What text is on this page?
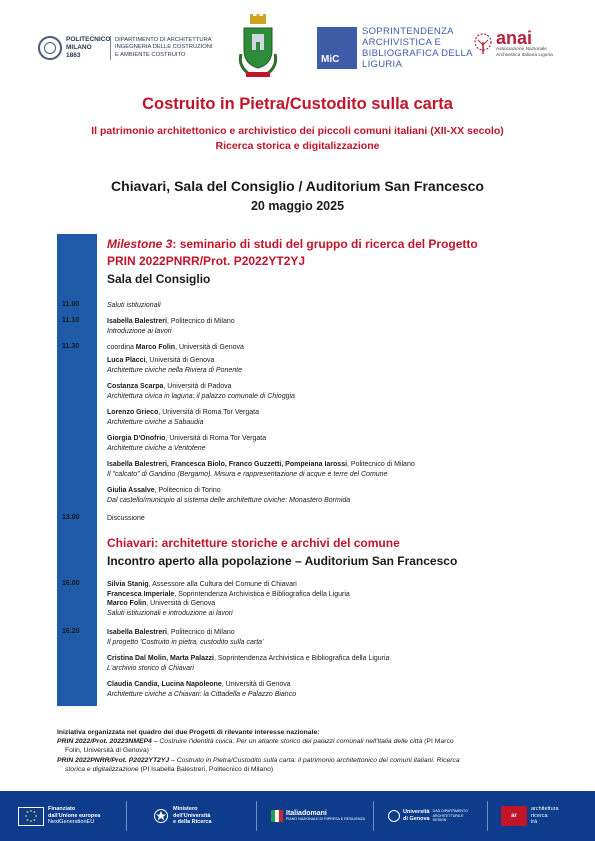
POLITECNICO
MILANO 1863
DIPARTIMENTO DI ARCHITETTURA INGEGNERIA DELLE COSTRUZIONI E AMBIENTE COSTRUITO	MiC
SOPRINTENDENZA ARCHIVISTICA E BIBLIOGRAFICA DELLA LIGURIA
anai
Associazione Nazionale Archivistica Italiana Liguria
Costruito in Pietra/Custodito sulla carta
Il patrimonio architettonico e archivistico dei piccoli comuni italiani (XII-XX secolo)
Ricerca storica e digitalizzazione
Chiavari, Sala del Consiglio / Auditorium San Francesco
20 maggio 2025
Milestone 3: seminario di studi del gruppo di ricerca del Progetto
PRIN 2022PNRR/Prot. P2022YT2YJ
Sala del Consiglio
11.00	Saluti istituzionali
11.10	Isabella Balestreri, Politecnico di Milano
Introduzione ai lavori
11.30	coordina Marco Folin, Università di Genova
Luca Placci, Università di Genova
Architetture civiche nella Riviera di Ponente
Costanza Scarpa, Università di Padova
Architettura civica in laguna: il palazzo comunale di Chioggia
Lorenzo Grieco, Università di Roma Tor Vergata
Architetture civiche a Sabaudia
Giorgia D'Onofrio, Università di Roma Tor Vergata
Architetture civiche a Ventotene
Isabella Balestreri, Francesca Biolo, Franco Guzzetti, Pompeiana Iarossi, Politecnico di Milano
Il "calcato" di Gandino (Bergamo). Misura e rappresentazione di acque e terre del Comune
Giulia Assalve, Politecnico di Torino
Dal castello/municipio al sistema delle architetture civiche: Monastero Bormida
13.00	Discussione
Chiavari: architetture storiche e archivi del comune
Incontro aperto alla popolazione – Auditorium San Francesco
16.00	Silvia Stanig, Assessore alla Cultura del Comune di Chiavari
Francesca Imperiale, Soprintendenza Archivistica e Bibliografica della Liguria
Marco Folin, Università di Genova
Saluti istituzionali e introduzione ai lavori
16.20	Isabella Balestreri, Politecnico di Milano
Il progetto 'Costruito in pietra, custodito sulla carta'
Cristina Dal Molin, Marta Palazzi, Soprintendenza Archivistica e Bibliografica della Liguria
L'archivio storico di Chiavari
Claudia Candia, Lucina Napoleone, Università di Genova
Architetture civiche a Chiavari: la Cittadella e Palazzo Bianco
Iniziativa organizzata nel quadro dei due Progetti di rilevante interesse nazionale:
PRIN 2022/Prot. 20223NMEP4 – Costruire l'identità civica. Per un atlante storico dei palazzi comunali nell'Italia delle città (PI Marco
Folin, Università di Genova)
PRIN 2022PNRR/Prot. P2022YT2YJ – Costruito in Pietra/Custodito sulla carta: il patrimonio architettonico dei comuni italiani. Ricerca
storica e digitalizzazione (PI Isabella Balestreri, Politecnico di Milano)
Finanziato
dall'Unione europea
NextGenerationEU
Ministero
dell'Università
e della Ricerca
Italiadomani
PIANO NAZIONALE DI RIPRESA E RESILIENZA
Università
di Genova
DAD DIPARTIMENTO ARCHITETTURA E DESIGN
ar
architettura
ricerca
irà
